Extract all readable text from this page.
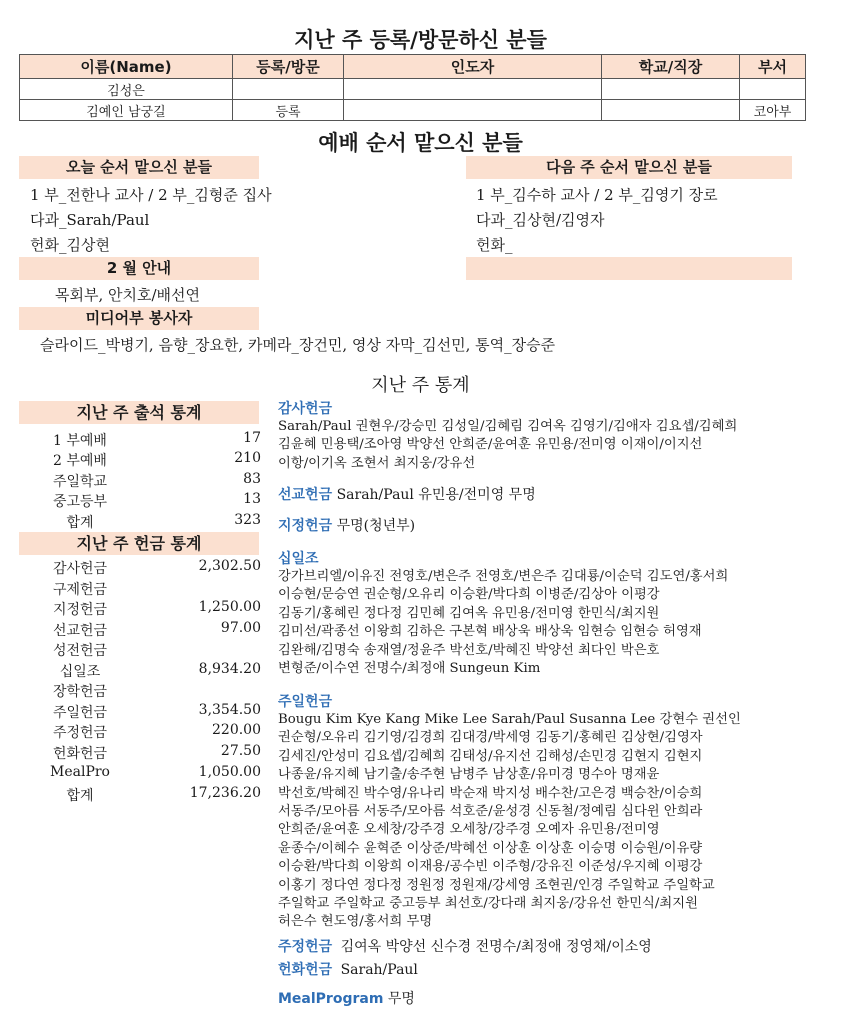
지난 주 등록/방문하신 분들
이름(Name)	등록/방문	인도자	학교/직장	부서
김성은				
김예인 남궁길	등록			코아부
예배 순서 맡으신 분들
오늘 순서 맡으신 분들	다음 주 순서 맡으신 분들
1 부_전한나 교사 / 2 부_김형준 집사
다과_Sarah/Paul
헌화_김상현
1 부_김수하 교사 / 2 부_김영기 장로
다과_김상현/김영자
헌화_
2 월 안내
목회부, 안치호/배선연
미디어부 봉사자
슬라이드_박병기, 음향_장요한, 카메라_장건민, 영상 자막_김선민, 통역_장승준
지난 주 통계
지난 주 출석 통계
1 부예배	17
2 부예배	210
주일학교	83
중고등부	13
합계	323
지난 주 헌금 통계
감사헌금	2,302.50
구제헌금
지정헌금	1,250.00
선교헌금	97.00
성전헌금
십일조	8,934.20
장학헌금
주일헌금	3,354.50
주정헌금	220.00
헌화헌금	27.50
MealPro	1,050.00
합계	17,236.20
감사헌금
Sarah/Paul 권현우/강승민 김성일/김혜림 김여옥 김영기/김애자 김요셉/김혜희
김윤혜 민용택/조아영 박양선 안희준/윤여훈 유민용/전미영 이재이/이지선
이항/이기옥 조현서 최지웅/강유선
선교헌금 Sarah/Paul 유민용/전미영 무명
지정헌금 무명(청년부)
십일조
강가브리엘/이유진 전영호/변은주 전영호/변은주 김대룡/이순덕 김도연/홍서희
이승현/문승연 권순형/오유리 이승환/박다희 이병준/김상아 이평강
김동기/홍혜린 정다정 김민혜 김여옥 유민용/전미영 한민식/최지원
김미선/곽종선 이왕희 김하은 구본혁 배상욱 배상욱 임현승 임현승 허영재
김완해/김명숙 송재열/정윤주 박선호/박혜진 박양선 최다인 박은호
변형준/이수연 전명수/최정애 Sungeun Kim
주일헌금
Bougu Kim Kye Kang Mike Lee Sarah/Paul Susanna Lee 강현수 권선인
권순형/오유리 김기영/김경희 김대경/박세영 김동기/홍혜린 김상현/김영자
김세진/안성미 김요셉/김혜희 김태성/유지선 김해성/손민경 김현지 김현지
나종윤/유지혜 남기출/송주현 남병주 남상훈/유미경 명수아 명재윤
박선호/박혜진 박수영/유나리 박순재 박지성 배수찬/고은경 백승찬/이승희
서동주/모아름 서동주/모아름 석호준/윤성경 신동철/정예림 심다윈 안희라
안희준/윤여훈 오세창/강주경 오세창/강주경 오예자 유민용/전미영
윤종수/이혜수 윤혁준 이상준/박혜선 이상훈 이상훈 이승명 이승원/이유량
이승환/박다희 이왕희 이재용/공수빈 이주형/강유진 이준성/우지혜 이평강
이홍기 정다연 정다정 정원정 정원재/강세영 조현권/인경 주일학교 주일학교
주일학교 주일학교 중고등부 최선호/강다래 최지웅/강유선 한민식/최지원
허은수 현도영/홍서희 무명
주정헌금 김여옥 박양선 신수경 전명수/최정애 정영채/이소영
헌화헌금 Sarah/Paul
MealProgram 무명
